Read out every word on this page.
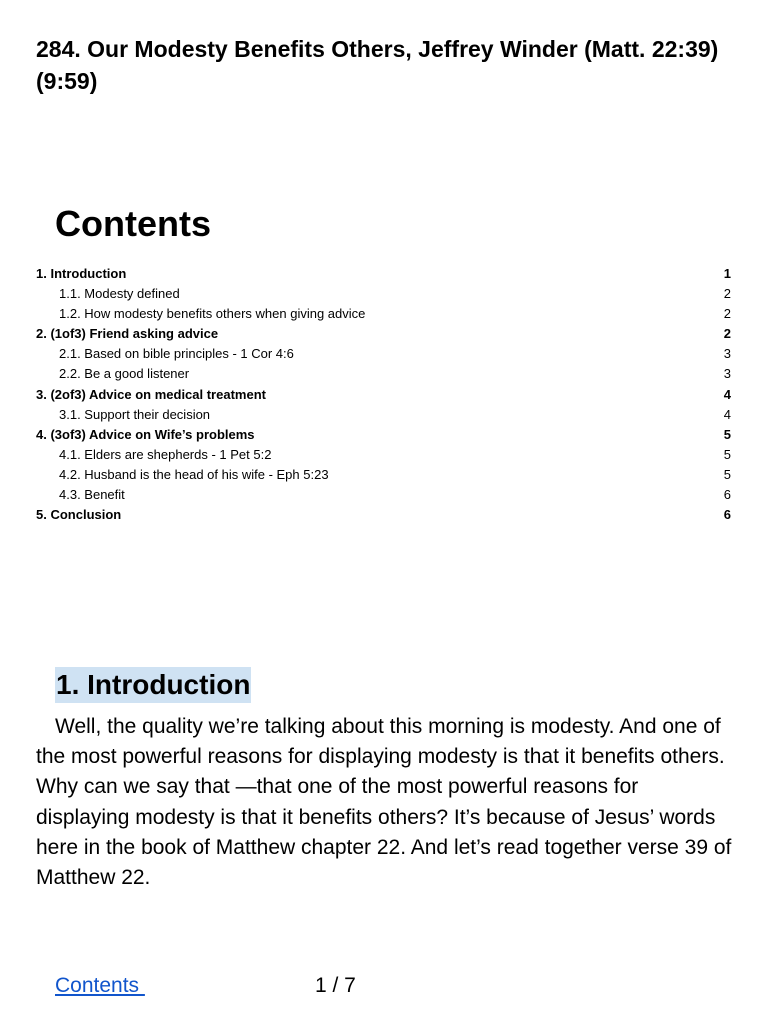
284. Our Modesty Benefits Others, Jeffrey Winder (Matt. 22:39) (9:59)
Contents
1. Introduction	1
1.1. Modesty defined	2
1.2. How modesty benefits others when giving advice	2
2. (1of3) Friend asking advice	2
2.1. Based on bible principles - 1 Cor 4:6	3
2.2. Be a good listener	3
3. (2of3) Advice on medical treatment	4
3.1. Support their decision	4
4. (3of3) Advice on Wife’s problems	5
4.1. Elders are shepherds - 1 Pet 5:2	5
4.2. Husband is the head of his wife - Eph 5:23	5
4.3. Benefit	6
5. Conclusion	6
1. Introduction

Well, the quality we’re talking about this morning is modesty. And one of the most powerful reasons for displaying modesty is that it benefits others. Why can we say that —that one of the most powerful reasons for displaying modesty is that it benefits others? It’s because of Jesus’ words here in the book of Matthew chapter 22. And let’s read together verse 39 of Matthew 22.

Contents	1 / 7
